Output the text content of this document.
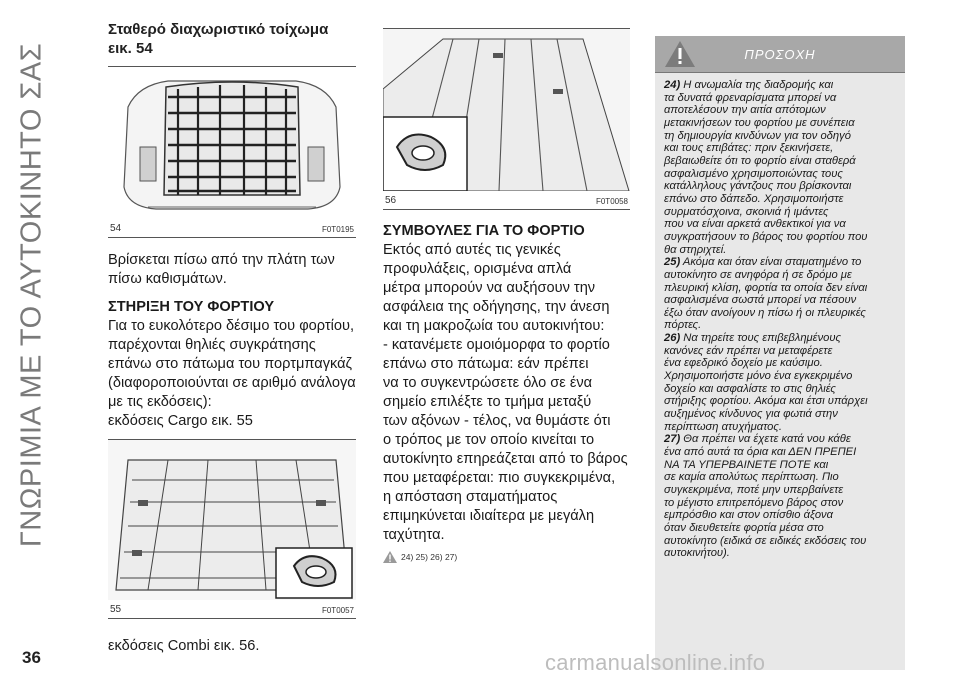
ΓΝΩΡΙΜΙΑ ΜΕ ΤΟ ΑΥΤΟΚΙΝΗΤΟ ΣΑΣ
36
Σταθερό διαχωριστικό τοίχωμα
εικ. 54
54	F0T0195

Βρίσκεται πίσω από την πλάτη των
πίσω καθισμάτων.

ΣΤΗΡΙΞΗ ΤΟΥ ΦΟΡΤΙΟΥ

Για το ευκολότερο δέσιμο του φορτίου,
παρέχονται θηλιές συγκράτησης
επάνω στο πάτωμα του πορτμπαγκάζ
(διαφοροποιούνται σε αριθμό ανάλογα
με τις εκδόσεις):
εκδόσεις Cargo εικ. 55

55	F0T0057

εκδόσεις Combi εικ. 56.

56	F0T0058
ΣΥΜΒΟΥΛΕΣ ΓΙΑ ΤΟ ΦΟΡΤΙΟ

Εκτός από αυτές τις γενικές
προφυλάξεις, ορισμένα απλά
μέτρα μπορούν να αυξήσουν την
ασφάλεια της οδήγησης, την άνεση
και τη μακροζωία του αυτοκινήτου:
- κατανέμετε ομοιόμορφα το φορτίο
επάνω στο πάτωμα: εάν πρέπει
να το συγκεντρώσετε όλο σε ένα
σημείο επιλέξτε το τμήμα μεταξύ
των αξόνων - τέλος, να θυμάστε ότι
ο τρόπος με τον οποίο κινείται το
αυτοκίνητο επηρεάζεται από το βάρος
που μεταφέρεται: πιο συγκεκριμένα,
η απόσταση σταματήματος
επιμηκύνεται ιδιαίτερα με μεγάλη
ταχύτητα.

24) 25) 26) 27)
ΠΡΟΣΟΧΗ

24) Η ανωμαλία της διαδρομής και
τα δυνατά φρεναρίσματα μπορεί να
αποτελέσουν την αιτία απότομων
μετακινήσεων του φορτίου με συνέπεια
τη δημιουργία κινδύνων για τον οδηγό
και τους επιβάτες: πριν ξεκινήσετε,
βεβαιωθείτε ότι το φορτίο είναι σταθερά
ασφαλισμένο χρησιμοποιώντας τους
κατάλληλους γάντζους που βρίσκονται
επάνω στο δάπεδο. Χρησιμοποιήστε
συρματόσχοινα, σκοινιά ή ιμάντες
που να είναι αρκετά ανθεκτικοί για να
συγκρατήσουν το βάρος του φορτίου που
θα στηριχτεί.
25) Ακόμα και όταν είναι σταματημένο το
αυτοκίνητο σε ανηφόρα ή σε δρόμο με
πλευρική κλίση, φορτία τα οποία δεν είναι
ασφαλισμένα σωστά μπορεί να πέσουν
έξω όταν ανοίγουν η πίσω ή οι πλευρικές
πόρτες.
26) Να τηρείτε τους επιβεβλημένους
κανόνες εάν πρέπει να μεταφέρετε
ένα εφεδρικό δοχείο με καύσιμο.
Χρησιμοποιήστε μόνο ένα εγκεκριμένο
δοχείο και ασφαλίστε το στις θηλιές
στήριξης φορτίου. Ακόμα και έτσι υπάρχει
αυξημένος κίνδυνος για φωτιά στην
περίπτωση ατυχήματος.
27) Θα πρέπει να έχετε κατά νου κάθε
ένα από αυτά τα όρια και ΔΕΝ ΠΡΕΠΕΙ
ΝΑ ΤΑ ΥΠΕΡΒΑΙΝΕΤΕ ΠΟΤΕ και
σε καμία απολύτως περίπτωση. Πιο
συγκεκριμένα, ποτέ μην υπερβαίνετε
το μέγιστο επιτρεπόμενο βάρος στον
εμπρόσθιο και στον οπίσθιο άξονα
όταν διευθετείτε φορτία μέσα στο
αυτοκίνητο (ειδικά σε ειδικές εκδόσεις του
αυτοκινήτου).

carmanualsonline.info
